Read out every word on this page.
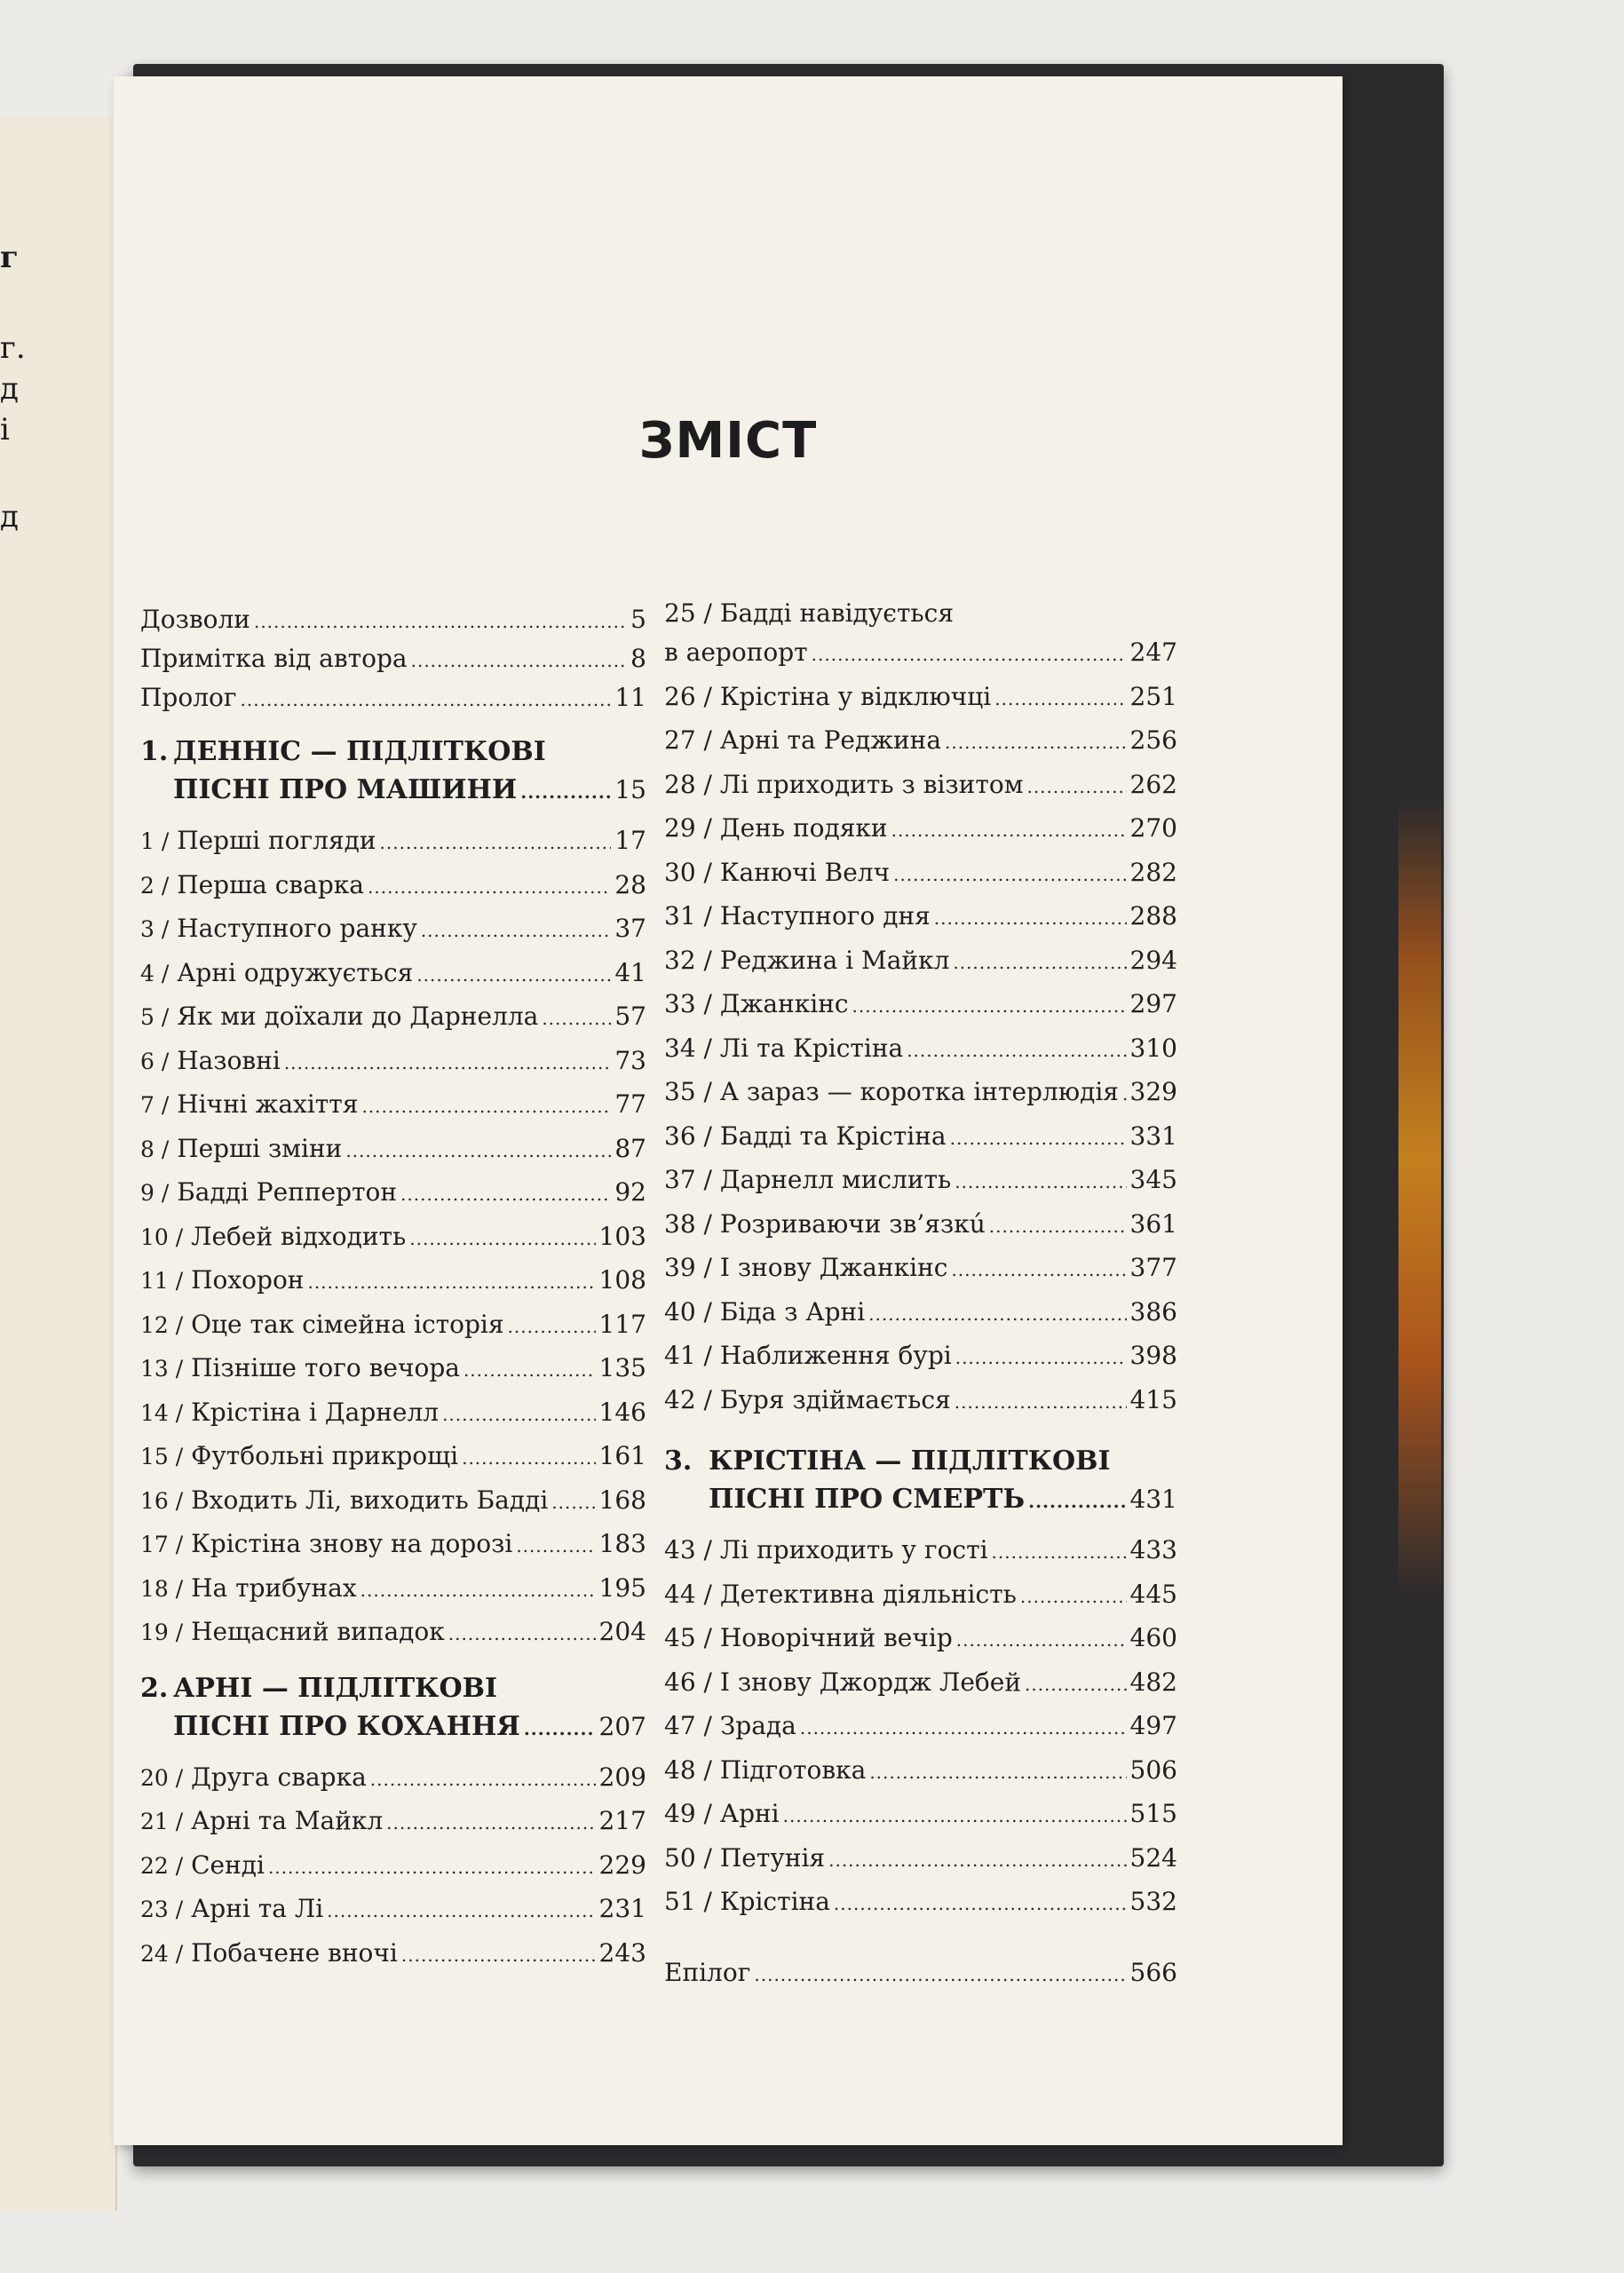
г
г.
д
і
д
ЗМІСТ
Дозволи .....	5
Примітка від автора .....	8
Пролог .....	11
1. ДЕННІС — ПІДЛІТКОВІ
ПІСНІ ПРО МАШИНИ .....	15
1 / Перші погляди .....	17
2 / Перша сварка .....	28
3 / Наступного ранку .....	37
4 / Арні одружується .....	41
5 / Як ми доїхали до Дарнелла .....	57
6 / Назовні .....	73
7 / Нічні жахіття .....	77
8 / Перші зміни .....	87
9 / Бадді Реппертон .....	92
10 / Лебей відходить .....	103
11 / Похорон .....	108
12 / Оце так сімейна історія .....	117
13 / Пізніше того вечора .....	135
14 / Крістіна і Дарнелл .....	146
15 / Футбольні прикрощі .....	161
16 / Входить Лі, виходить Бадді ..... 168
17 / Крістіна знову на дорозі .....	183
18 / На трибунах .....	195
19 / Нещасний випадок .....	204
2. АРНІ — ПІДЛІТКОВІ
ПІСНІ ПРО КОХАННЯ .....	207
20 / Друга сварка .....	209
21 / Арні та Майкл .....	217
22 / Сенді .....	229
23 / Арні та Лі .....	231
24 / Побачене вночі .....	243
25 / Бадді навідується
в аеропорт .....	247
26 / Крістіна у відключці .....	251
27 / Арні та Реджина .....	256
28 / Лі приходить з візитом .....	262
29 / День подяки .....	270
30 / Канючі Велч .....	282
31 / Наступного дня .....	288
32 / Реджина і Майкл .....	294
33 / Джанкінс .....	297
34 / Лі та Крістіна .....	310
35 / А зараз — коротка інтерлюдія ..... 329
36 / Бадді та Крістіна .....	331
37 / Дарнелл мислить .....	345
38 / Розриваючи зв’язкú .....	361
39 / І знову Джанкінс .....	377
40 / Біда з Арні .....	386
41 / Наближення бурі .....	398
42 / Буря здіймається .....	415
3. КРІСТІНА — ПІДЛІТКОВІ
ПІСНІ ПРО СМЕРТЬ .....	431
43 / Лі приходить у гості .....	433
44 / Детективна діяльність .....	445
45 / Новорічний вечір .....	460
46 / І знову Джордж Лебей .....	482
47 / Зрада .....	497
48 / Підготовка .....	506
49 / Арні .....	515
50 / Петунія .....	524
51 / Крістіна .....	532
Епілог .....	566
